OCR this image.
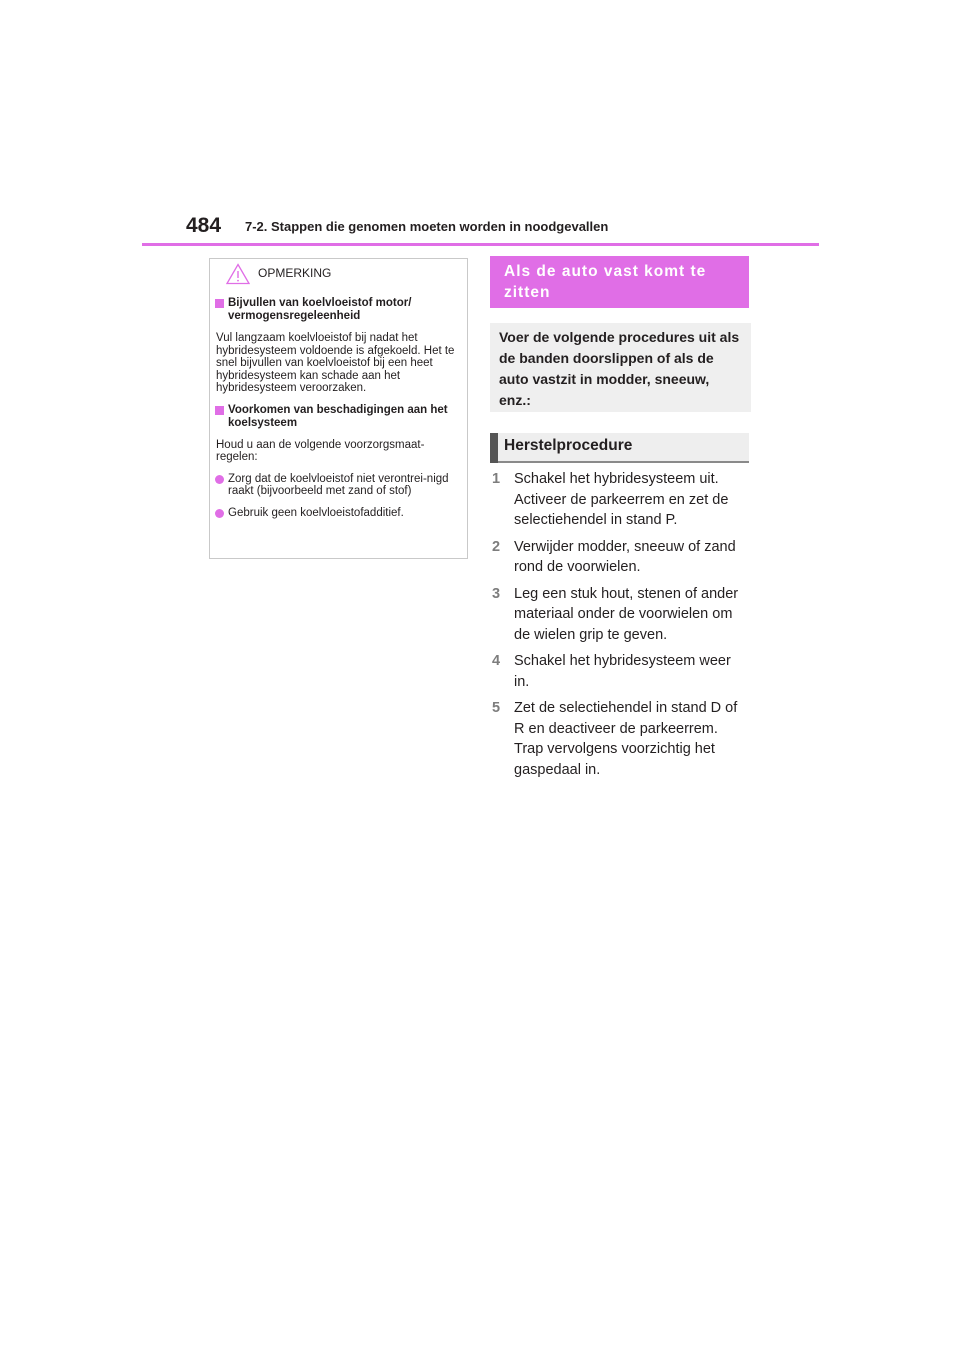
484 7-2. Stappen die genomen moeten worden in noodgevallen
OPMERKING
Bijvullen van koelvloeistof motor/ vermogensregeleenheid

Vul langzaam koelvloeistof bij nadat het hybridesysteem voldoende is afgekoeld. Het te snel bijvullen van koelvloeistof bij een heet hybridesysteem kan schade aan het hybridesysteem veroorzaken.

Voorkomen van beschadigingen aan het koelsysteem

Houd u aan de volgende voorzorgsmaat-regelen:

Zorg dat de koelvloeistof niet verontrei-nigd raakt (bijvoorbeeld met zand of stof)
Gebruik geen koelvloeistofadditief.
Als de auto vast komt te zitten
Voer de volgende procedures uit als de banden doorslippen of als de auto vastzit in modder, sneeuw, enz.:
Herstelprocedure
1 Schakel het hybridesysteem uit. Activeer de parkeerrem en zet de selectiehendel in stand P.
2 Verwijder modder, sneeuw of zand rond de voorwielen.
3 Leg een stuk hout, stenen of ander materiaal onder de voorwielen om de wielen grip te geven.
4 Schakel het hybridesysteem weer in.
5 Zet de selectiehendel in stand D of R en deactiveer de parkeerrem. Trap vervolgens voorzichtig het gaspedaal in.
